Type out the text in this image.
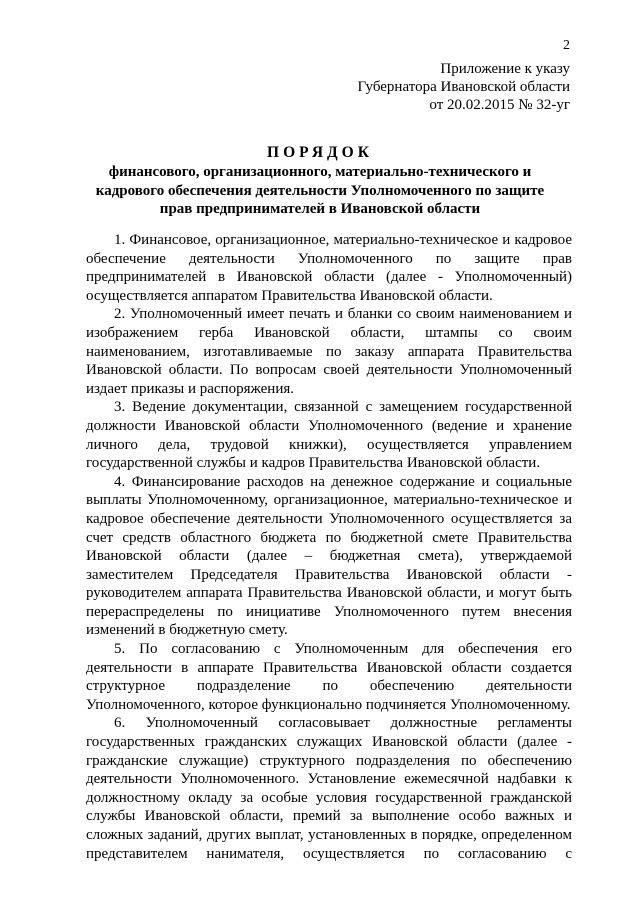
2
Приложение к указу
Губернатора Ивановской области
от 20.02.2015 № 32-уг
ПОРЯДОК
финансового, организационного, материально-технического и
кадрового обеспечения деятельности Уполномоченного по защите
прав предпринимателей в Ивановской области

1. Финансовое, организационное, материально-техническое и кадровое обеспечение деятельности Уполномоченного по защите прав предпринимателей в Ивановской области (далее - Уполномоченный) осуществляется аппаратом Правительства Ивановской области.

2. Уполномоченный имеет печать и бланки со своим наименованием и изображением герба Ивановской области, штампы со своим наименованием, изготавливаемые по заказу аппарата Правительства Ивановской области. По вопросам своей деятельности Уполномоченный издает приказы и распоряжения.

3. Ведение документации, связанной с замещением государственной должности Ивановской области Уполномоченного (ведение и хранение личного дела, трудовой книжки), осуществляется управлением государственной службы и кадров Правительства Ивановской области.

4. Финансирование расходов на денежное содержание и социальные выплаты Уполномоченному, организационное, материально-техническое и кадровое обеспечение деятельности Уполномоченного осуществляется за счет средств областного бюджета по бюджетной смете Правительства Ивановской области (далее – бюджетная смета), утверждаемой заместителем Председателя Правительства Ивановской области - руководителем аппарата Правительства Ивановской области, и могут быть перераспределены по инициативе Уполномоченного путем внесения изменений в бюджетную смету.

5. По согласованию с Уполномоченным для обеспечения его деятельности в аппарате Правительства Ивановской области создается структурное подразделение по обеспечению деятельности Уполномоченного, которое функционально подчиняется Уполномоченному.

6. Уполномоченный согласовывает должностные регламенты государственных гражданских служащих Ивановской области (далее - гражданские служащие) структурного подразделения по обеспечению деятельности Уполномоченного. Установление ежемесячной надбавки к должностному окладу за особые условия государственной гражданской службы Ивановской области, премий за выполнение особо важных и сложных заданий, других выплат, установленных в порядке, определенном представителем нанимателя, осуществляется по согласованию с
